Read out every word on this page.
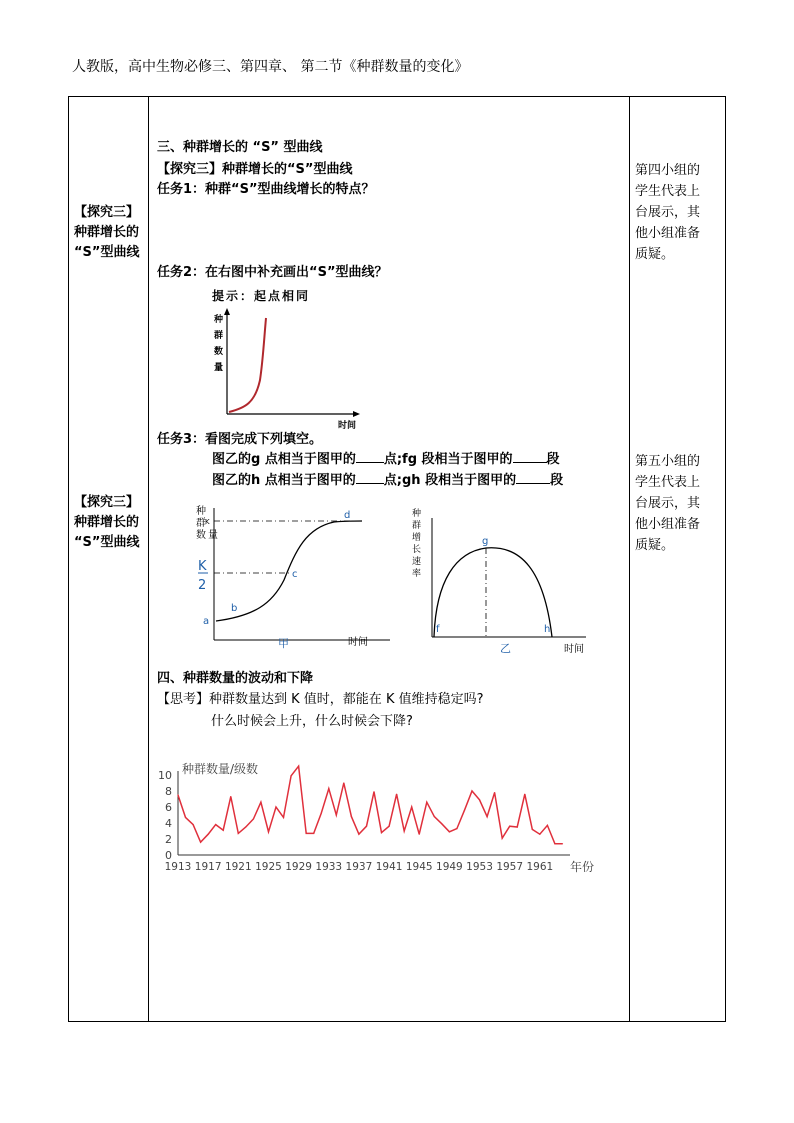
人教版，高中生物必修三、第四章、 第二节《种群数量的变化》
【探究三】
种群增长的
“S”型曲线
【探究三】
种群增长的
“S”型曲线
第四小组的
学生代表上
台展示，其
他小组准备
质疑。
第五小组的
学生代表上
台展示，其
他小组准备
质疑。
三、种群增长的 “S” 型曲线
【探究三】种群增长的“S”型曲线
任务1：种群“S”型曲线增长的特点？
任务2：在右图中补充画出“S”型曲线？
提示：起点相同
种
群
数
量
时间
任务3：看图完成下列填空。
图乙的g 点相当于图甲的 点;fg 段相当于图甲的	段
图乙的h 点相当于图甲的 点;gh 段相当于图甲的	段
种
群
数 量
K
K
2
a
b
c
d
甲	时间
种
群
增
长
速
率
g
f	h
乙	时间
四、种群数量的波动和下降
【思考】种群数量达到 K 值时，都能在 K 值维持稳定吗?
什么时候会上升，什么时候会下降?
0
2
4
6
8
10
1913 1917 1921 1925 1929 1933 1937 1941 1945 1949 1953 1957 1961
种群数量/级数
年份
